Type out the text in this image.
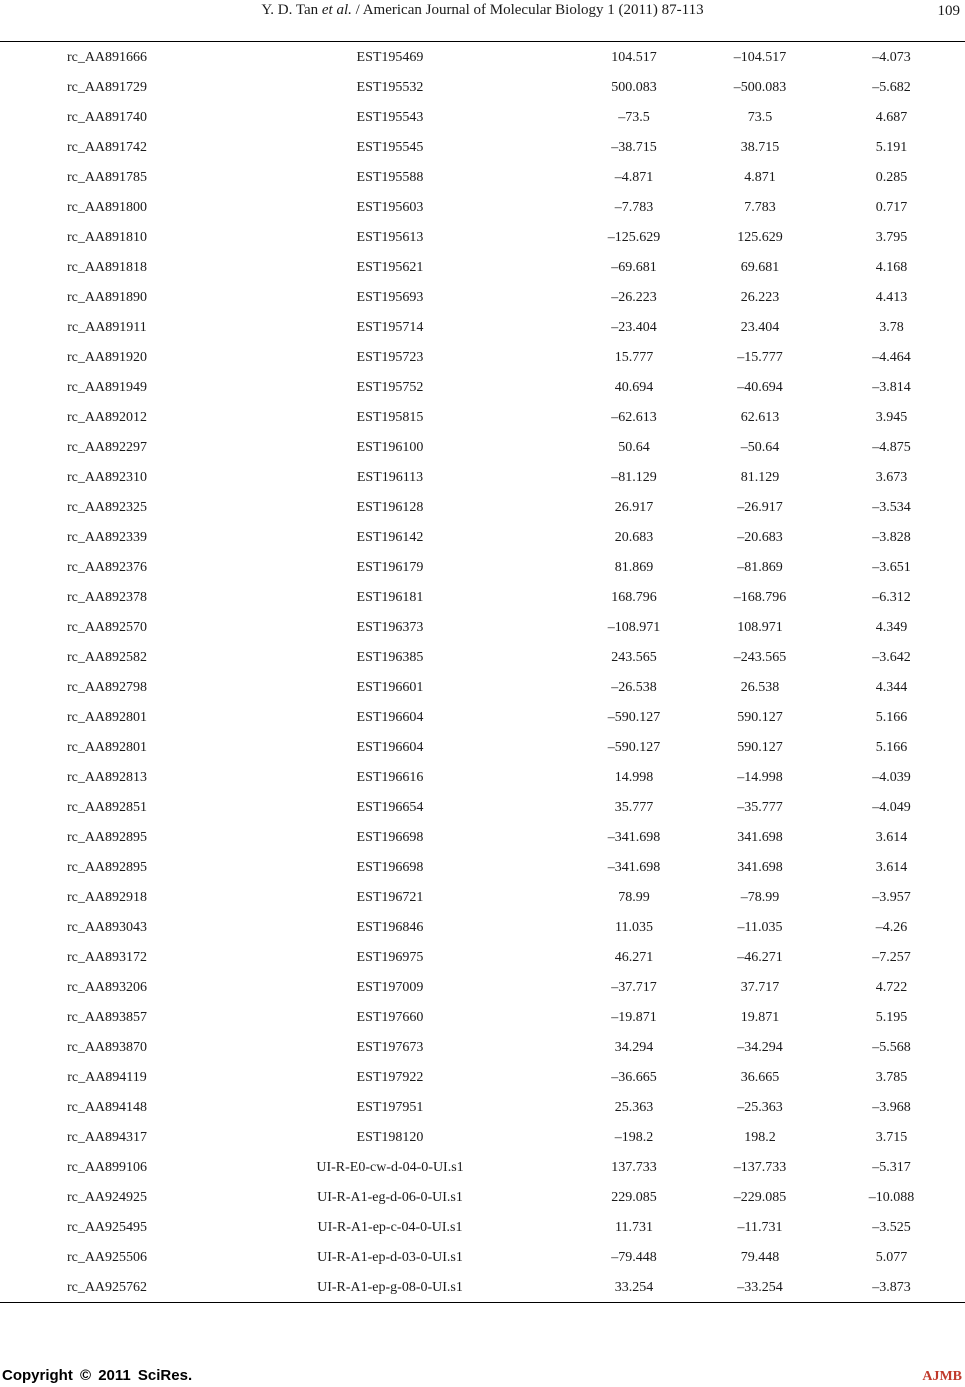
Y. D. Tan et al. / American Journal of Molecular Biology 1 (2011) 87-113	109
rc_AA891666	EST195469	104.517	–104.517	–4.073
rc_AA891729	EST195532	500.083	–500.083	–5.682
rc_AA891740	EST195543	–73.5	73.5	4.687
rc_AA891742	EST195545	–38.715	38.715	5.191
rc_AA891785	EST195588	–4.871	4.871	0.285
rc_AA891800	EST195603	–7.783	7.783	0.717
rc_AA891810	EST195613	–125.629	125.629	3.795
rc_AA891818	EST195621	–69.681	69.681	4.168
rc_AA891890	EST195693	–26.223	26.223	4.413
rc_AA891911	EST195714	–23.404	23.404	3.78
rc_AA891920	EST195723	15.777	–15.777	–4.464
rc_AA891949	EST195752	40.694	–40.694	–3.814
rc_AA892012	EST195815	–62.613	62.613	3.945
rc_AA892297	EST196100	50.64	–50.64	–4.875
rc_AA892310	EST196113	–81.129	81.129	3.673
rc_AA892325	EST196128	26.917	–26.917	–3.534
rc_AA892339	EST196142	20.683	–20.683	–3.828
rc_AA892376	EST196179	81.869	–81.869	–3.651
rc_AA892378	EST196181	168.796	–168.796	–6.312
rc_AA892570	EST196373	–108.971	108.971	4.349
rc_AA892582	EST196385	243.565	–243.565	–3.642
rc_AA892798	EST196601	–26.538	26.538	4.344
rc_AA892801	EST196604	–590.127	590.127	5.166
rc_AA892801	EST196604	–590.127	590.127	5.166
rc_AA892813	EST196616	14.998	–14.998	–4.039
rc_AA892851	EST196654	35.777	–35.777	–4.049
rc_AA892895	EST196698	–341.698	341.698	3.614
rc_AA892895	EST196698	–341.698	341.698	3.614
rc_AA892918	EST196721	78.99	–78.99	–3.957
rc_AA893043	EST196846	11.035	–11.035	–4.26
rc_AA893172	EST196975	46.271	–46.271	–7.257
rc_AA893206	EST197009	–37.717	37.717	4.722
rc_AA893857	EST197660	–19.871	19.871	5.195
rc_AA893870	EST197673	34.294	–34.294	–5.568
rc_AA894119	EST197922	–36.665	36.665	3.785
rc_AA894148	EST197951	25.363	–25.363	–3.968
rc_AA894317	EST198120	–198.2	198.2	3.715
rc_AA899106	UI-R-E0-cw-d-04-0-UI.s1	137.733	–137.733	–5.317
rc_AA924925	UI-R-A1-eg-d-06-0-UI.s1	229.085	–229.085	–10.088
rc_AA925495	UI-R-A1-ep-c-04-0-UI.s1	11.731	–11.731	–3.525
rc_AA925506	UI-R-A1-ep-d-03-0-UI.s1	–79.448	79.448	5.077
rc_AA925762	UI-R-A1-ep-g-08-0-UI.s1	33.254	–33.254	–3.873
Copyright © 2011 SciRes.	AJMB
